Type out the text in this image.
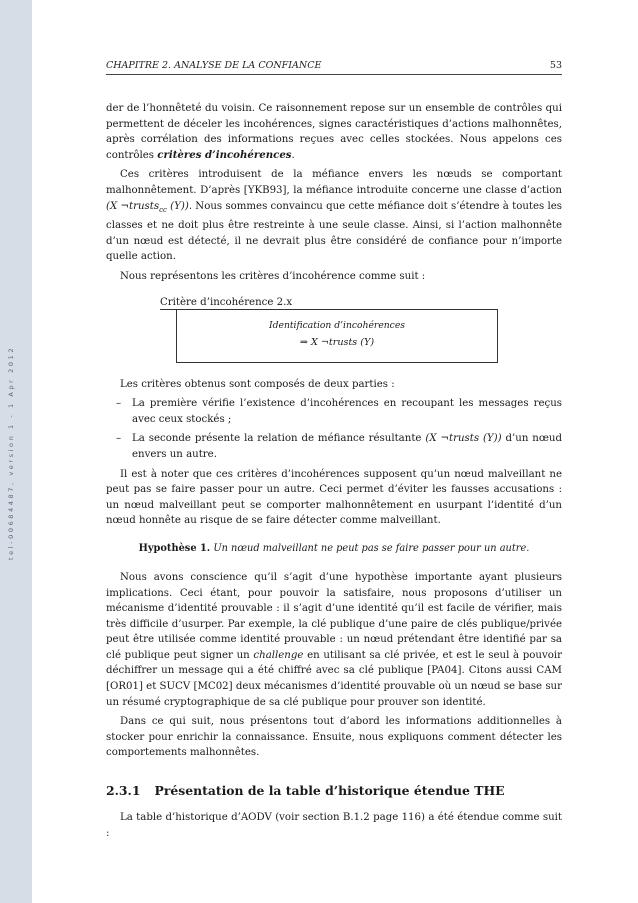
tel-00684487, version 1 - 1 Apr 2012
CHAPITRE 2. ANALYSE DE LA CONFIANCE	53

der de l’honnêteté du voisin. Ce raisonnement repose sur un ensemble de contrôles qui permettent de déceler les incohérences, signes caractéristiques d’actions malhonnêtes, après corrélation des informations reçues avec celles stockées. Nous appelons ces contrôles critères d’incohérences.

Ces critères introduisent de la méfiance envers les nœuds se comportant malhonnêtement. D’après [YKB93], la méfiance introduite concerne une classe d’action (X ¬trusts$_{cc}$ (Y)). Nous sommes convaincu que cette méfiance doit s’étendre à toutes les classes et ne doit plus être restreinte à une seule classe. Ainsi, si l’action malhonnête d’un nœud est détecté, il ne devrait plus être considéré de confiance pour n’importe quelle action.

Nous représentons les critères d’incohérence comme suit :

Critère d’incohérence 2.x
Identification d’incohérences
⇒ X ¬trusts (Y)

Les critères obtenus sont composés de deux parties :

– La première vérifie l’existence d’incohérences en recoupant les messages reçus avec ceux stockés ;
– La seconde présente la relation de méfiance résultante (X ¬trusts (Y)) d’un nœud envers un autre.

Il est à noter que ces critères d’incohérences supposent qu’un nœud malveillant ne peut pas se faire passer pour un autre. Ceci permet d’éviter les fausses accusations : un nœud malveillant peut se comporter malhonnêtement en usurpant l’identité d’un nœud honnête au risque de se faire détecter comme malveillant.

Hypothèse 1. Un nœud malveillant ne peut pas se faire passer pour un autre.

Nous avons conscience qu’il s’agit d’une hypothèse importante ayant plusieurs implications. Ceci étant, pour pouvoir la satisfaire, nous proposons d’utiliser un mécanisme d’identité prouvable : il s’agit d’une identité qu’il est facile de vérifier, mais très difficile d’usurper. Par exemple, la clé publique d’une paire de clés publique/privée peut être utilisée comme identité prouvable : un nœud prétendant être identifié par sa clé publique peut signer un challenge en utilisant sa clé privée, et est le seul à pouvoir déchiffrer un message qui a été chiffré avec sa clé publique [PA04]. Citons aussi CAM [OR01] et SUCV [MC02] deux mécanismes d’identité prouvable où un nœud se base sur un résumé cryptographique de sa clé publique pour prouver son identité.

Dans ce qui suit, nous présentons tout d’abord les informations additionnelles à stocker pour enrichir la connaissance. Ensuite, nous expliquons comment détecter les comportements malhonnêtes.

2.3.1 Présentation de la table d’historique étendue THE

La table d’historique d’AODV (voir section B.1.2 page 116) a été étendue comme suit :
